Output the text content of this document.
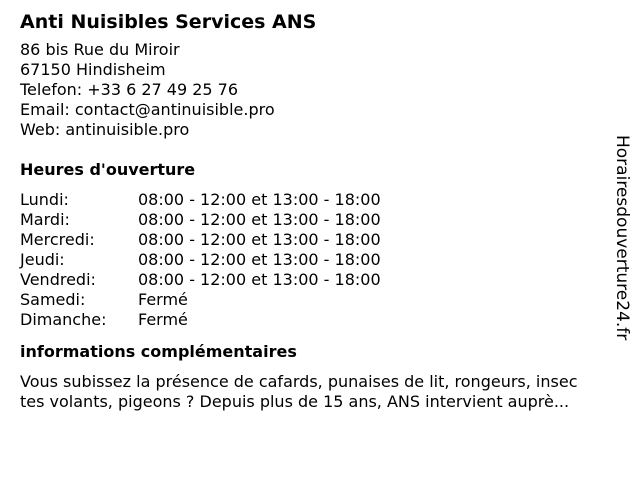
Anti Nuisibles Services ANS
86 bis Rue du Miroir
67150 Hindisheim
Telefon: +33 6 27 49 25 76
Email: contact@antinuisible.pro
Web: antinuisible.pro
Heures d'ouverture
Lundi:	08:00 - 12:00 et 13:00 - 18:00
Mardi:	08:00 - 12:00 et 13:00 - 18:00
Mercredi:	08:00 - 12:00 et 13:00 - 18:00
Jeudi:	08:00 - 12:00 et 13:00 - 18:00
Vendredi:	08:00 - 12:00 et 13:00 - 18:00
Samedi:	Fermé
Dimanche:	Fermé
informations complémentaires
Vous subissez la présence de cafards, punaises de lit, rongeurs, insec
tes volants, pigeons ? Depuis plus de 15 ans, ANS intervient auprè...
Horairesdouverture24.fr
